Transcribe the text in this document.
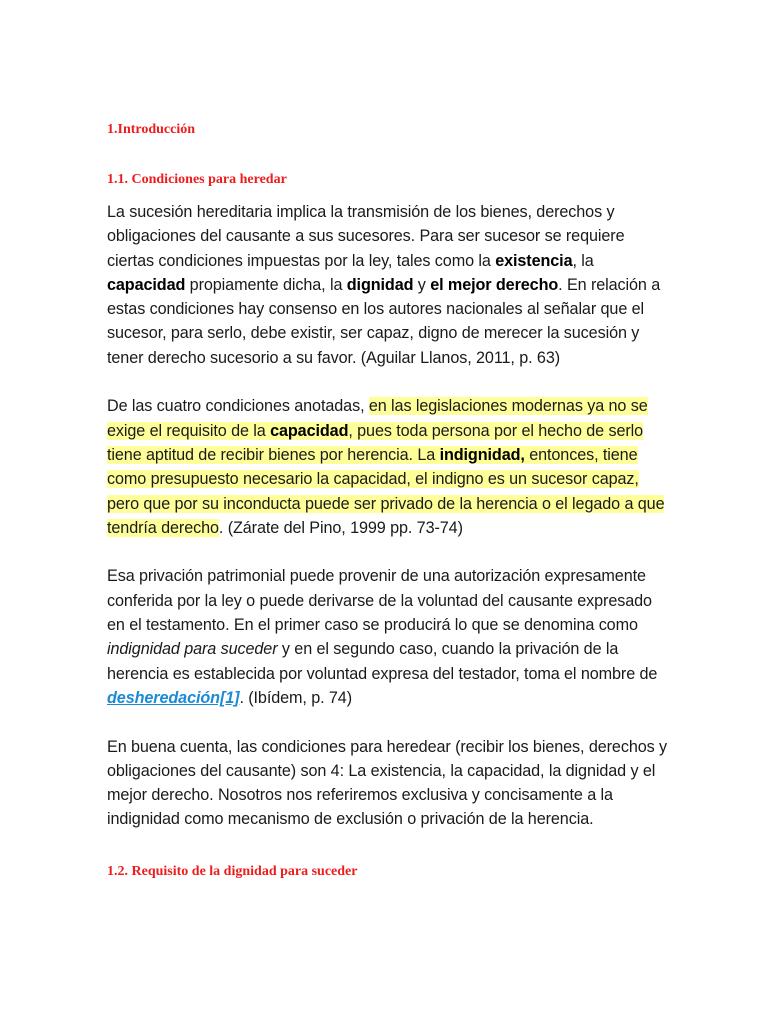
1.Introducción
1.1. Condiciones para heredar

La sucesión hereditaria implica la transmisión de los bienes, derechos y obligaciones del causante a sus sucesores. Para ser sucesor se requiere ciertas condiciones impuestas por la ley, tales como la existencia, la capacidad propiamente dicha, la dignidad y el mejor derecho. En relación a estas condiciones hay consenso en los autores nacionales al señalar que el sucesor, para serlo, debe existir, ser capaz, digno de merecer la sucesión y tener derecho sucesorio a su favor. (Aguilar Llanos, 2011, p. 63)

De las cuatro condiciones anotadas, en las legislaciones modernas ya no se exige el requisito de la capacidad, pues toda persona por el hecho de serlo tiene aptitud de recibir bienes por herencia. La indignidad, entonces, tiene como presupuesto necesario la capacidad, el indigno es un sucesor capaz, pero que por su inconducta puede ser privado de la herencia o el legado a que tendría derecho. (Zárate del Pino, 1999 pp. 73-74)

Esa privación patrimonial puede provenir de una autorización expresamente conferida por la ley o puede derivarse de la voluntad del causante expresado en el testamento. En el primer caso se producirá lo que se denomina como indignidad para suceder y en el segundo caso, cuando la privación de la herencia es establecida por voluntad expresa del testador, toma el nombre de desheredación[1]. (Ibídem, p. 74)

En buena cuenta, las condiciones para heredear (recibir los bienes, derechos y obligaciones del causante) son 4: La existencia, la capacidad, la dignidad y el mejor derecho. Nosotros nos referiremos exclusiva y concisamente a la indignidad como mecanismo de exclusión o privación de la herencia.

1.2. Requisito de la dignidad para suceder
